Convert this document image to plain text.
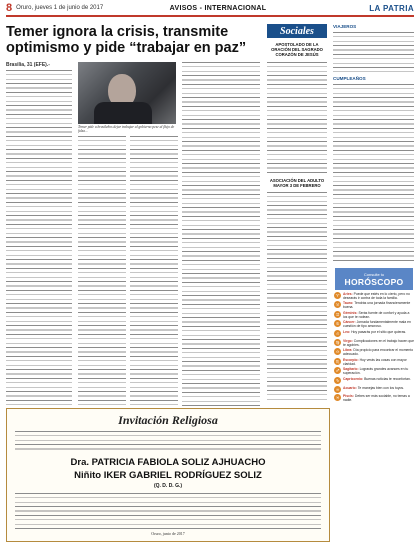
8 Oruro, jueves 1 de junio de 2017	AVISOS - INTERNACIONAL	LA PATRIA
Temer ignora la crisis, transmite optimismo y pide “trabajar en paz”
Brasilia, 31 (EFE).-
Temer pide a brasileños dejar trabajar al gobierno pese al flujo de falsa...
Sociales
APOSTOLADO DE LA ORACIÓN DEL SAGRADO CORAZÓN DE JESÚS
ASOCIACIÓN DEL ADULTO MAYOR 3 DE FEBRERO
VIAJEROS
CUMPLEAÑOS
Consulte tu
HORÓSCOPO
♈	Aries: Puede que estés en lo cierto, pero no desearás ir contra de toda la familia.
♉	Tauro: Tendrás una jornada financieramente buena.
♊	Géminis: Serás fuente de confort y ayuda a los que te rodean.
♋	Cáncer: Jornada fundamentalmente mala en cuestión de tipo amoroso.
♌	Leo: Hoy pasarás por el sitio que quieras.
♍	Virgo: Complicaciones en el trabajo hacen que te agobies.
♎	Libra: Día propicio para encontrar el momento adecuado.
♏	Escorpio: Hoy verás las cosas con mayor claridad.
♐	Sagitario: Lograrás grandes avances en tu superación.
♑	Capricornio: Buenas noticias te reconfortan.
♒	Acuario: Te manejas bien con los tuyos.
♓	Piscis: Debes ser más sociable, no temas a nadie.
Invitación Religiosa
Dra. PATRICIA FABIOLA SOLIZ AJHUACHO
Niñito IKER GABRIEL RODRÍGUEZ SOLIZ
(Q. D. D. G.)
Oruro, junio de 2017
